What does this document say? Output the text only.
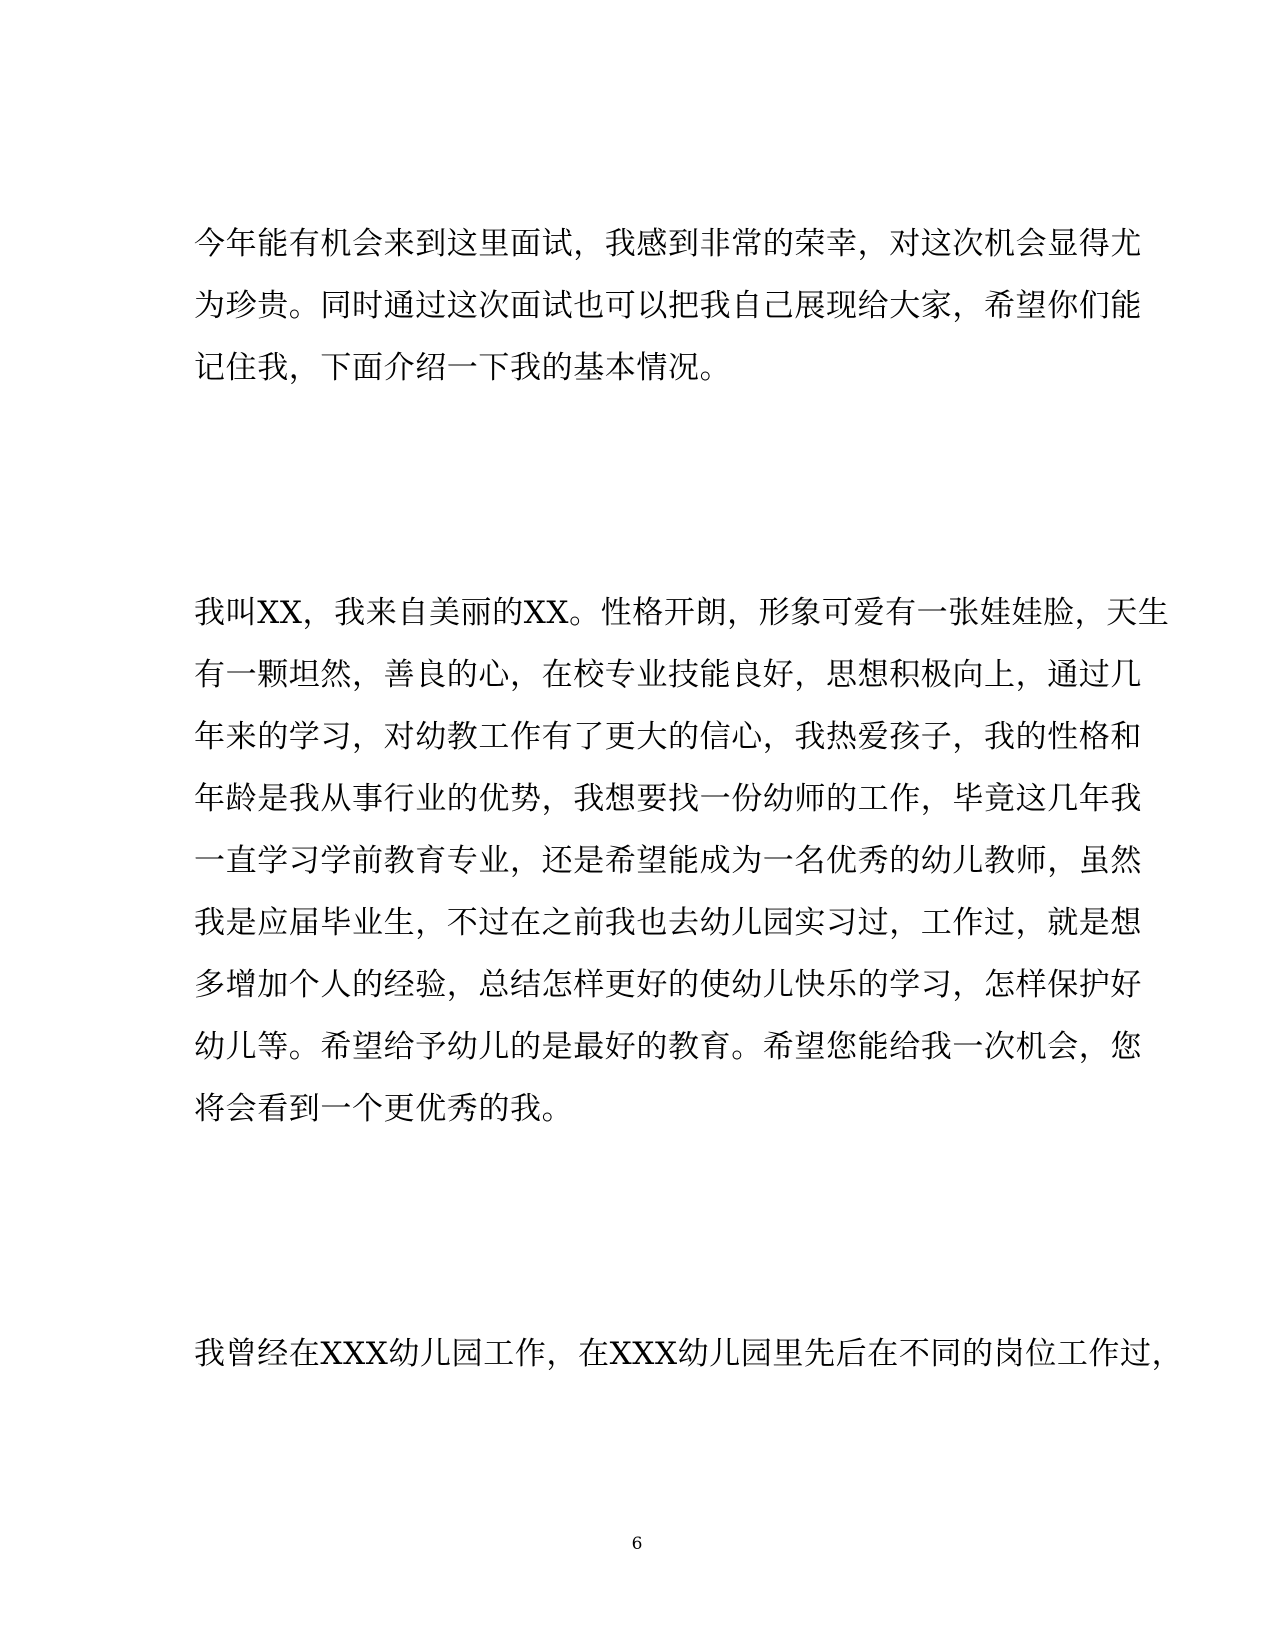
今年能有机会来到这里面试，我感到非常的荣幸，对这次机会显得尤
为珍贵。同时通过这次面试也可以把我自己展现给大家，希望你们能
记住我，下面介绍一下我的基本情况。
我叫XX，我来自美丽的XX。性格开朗，形象可爱有一张娃娃脸，天生
有一颗坦然，善良的心，在校专业技能良好，思想积极向上，通过几
年来的学习，对幼教工作有了更大的信心，我热爱孩子，我的性格和
年龄是我从事行业的优势，我想要找一份幼师的工作，毕竟这几年我
一直学习学前教育专业，还是希望能成为一名优秀的幼儿教师，虽然
我是应届毕业生，不过在之前我也去幼儿园实习过，工作过，就是想
多增加个人的经验，总结怎样更好的使幼儿快乐的学习，怎样保护好
幼儿等。希望给予幼儿的是最好的教育。希望您能给我一次机会，您
将会看到一个更优秀的我。
我曾经在XXX幼儿园工作，在XXX幼儿园里先后在不同的岗位工作过，
6
